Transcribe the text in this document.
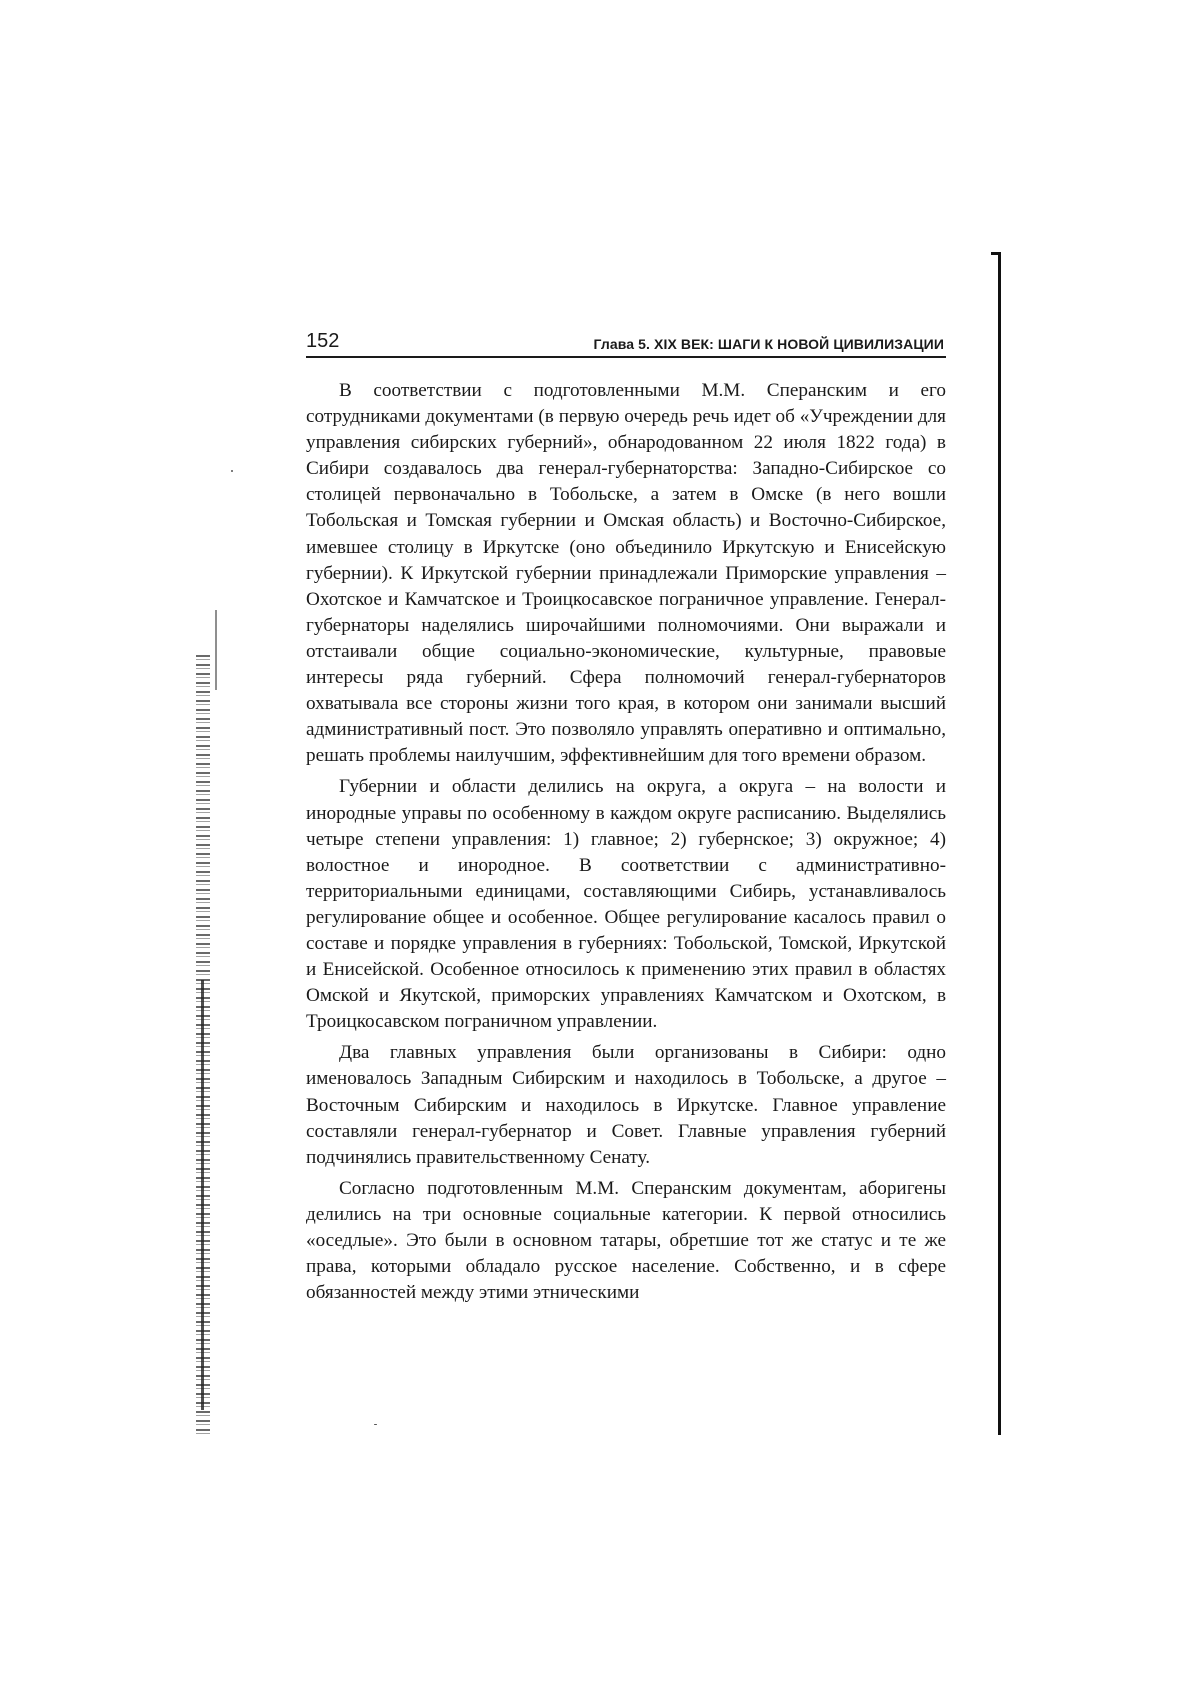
152	Глава 5. XIX ВЕК: ШАГИ К НОВОЙ ЦИВИЛИЗАЦИИ

В соответствии с подготовленными М.М. Сперанским и его сотрудниками документами (в первую очередь речь идет об «Учреждении для управления сибирских губерний», обнародованном 22 июля 1822 года) в Сибири создавалось два генерал-губернаторства: Западно-Сибирское со столицей первоначально в Тобольске, а затем в Омске (в него вошли Тобольская и Томская губернии и Омская область) и Восточно-Сибирское, имевшее столицу в Иркутске (оно объединило Иркутскую и Енисейскую губернии). К Иркутской губернии принадлежали Приморские управления – Охотское и Камчатское и Троицкосавское пограничное управление. Генерал-губернаторы наделялись широчайшими полномочиями. Они выражали и отстаивали общие социально-экономические, культурные, правовые интересы ряда губерний. Сфера полномочий генерал-губернаторов охватывала все стороны жизни того края, в котором они занимали высший административный пост. Это позволяло управлять оперативно и оптимально, решать проблемы наилучшим, эффективнейшим для того времени образом.

Губернии и области делились на округа, а округа – на волости и инородные управы по особенному в каждом округе расписанию. Выделялись четыре степени управления: 1) главное; 2) губернское; 3) окружное; 4) волостное и инородное. В соответствии с административно-территориальными единицами, составляющими Сибирь, устанавливалось регулирование общее и особенное. Общее регулирование касалось правил о составе и порядке управления в губерниях: Тобольской, Томской, Иркутской и Енисейской. Особенное относилось к применению этих правил в областях Омской и Якутской, приморских управлениях Камчатском и Охотском, в Троицкосавском пограничном управлении.

Два главных управления были организованы в Сибири: одно именовалось Западным Сибирским и находилось в Тобольске, а другое – Восточным Сибирским и находилось в Иркутске. Главное управление составляли генерал-губернатор и Совет. Главные управления губерний подчинялись правительственному Сенату.

Согласно подготовленным М.М. Сперанским документам, аборигены делились на три основные социальные категории. К первой относились «оседлые». Это были в основном татары, обретшие тот же статус и те же права, которыми обладало русское население. Собственно, и в сфере обязанностей между этими этническими
